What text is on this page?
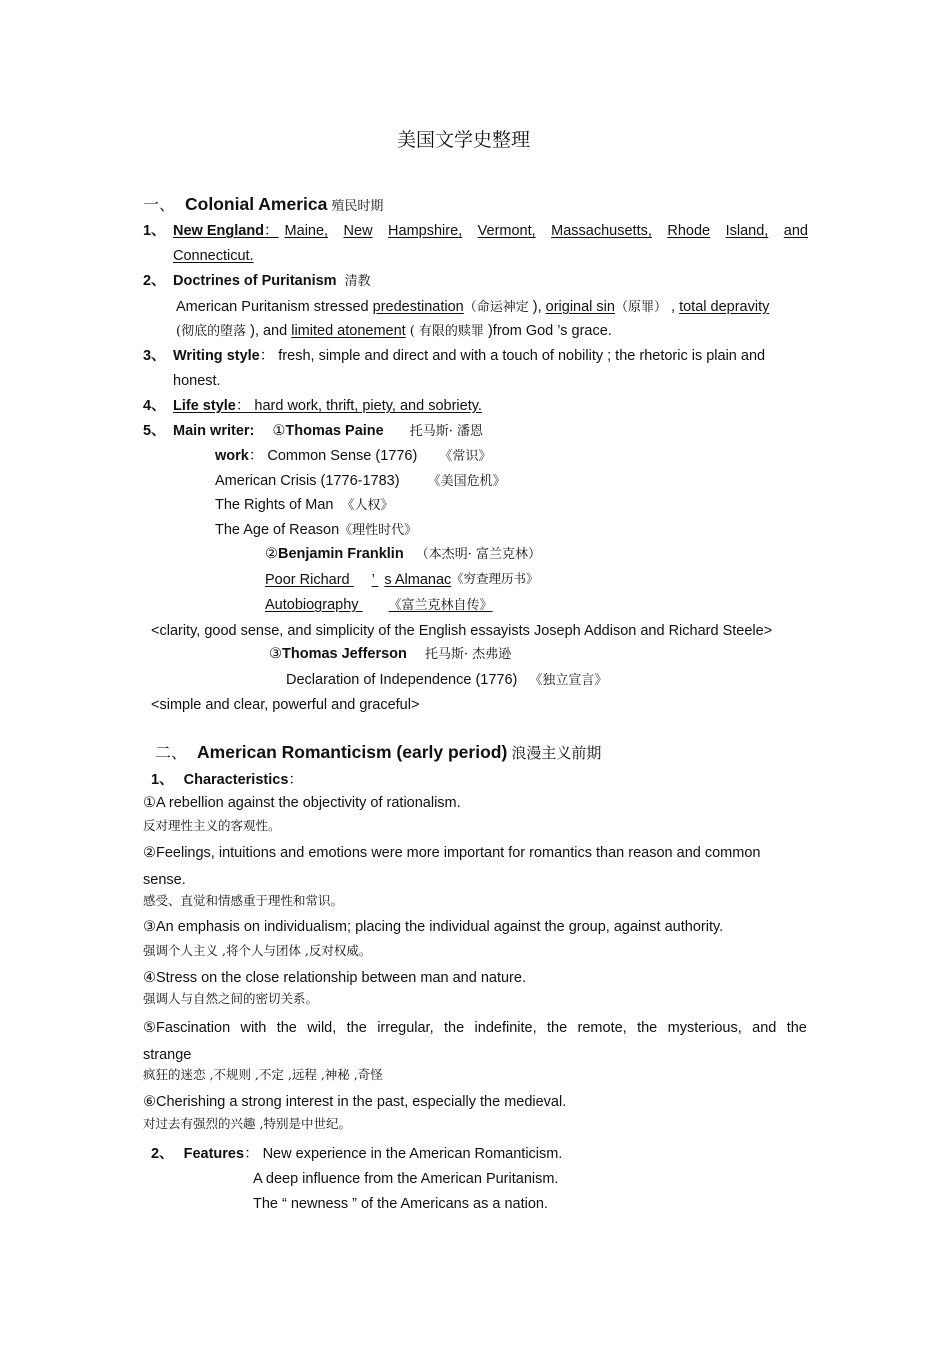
美国文学史整理
一、 Colonial America 殖民时期
1、 New England ： Maine, New Hampshire, Vermont, Massachusetts, Rhode Island, and
Connecticut.
2、 Doctrines of Puritanism 清教
American Puritanism stressed predestination（命运神定 ), original sin（原罪） , total depravity
(彻底的堕落 ), and limited atonement ( 有限的赎罪 )from God ’s grace.
3、 Writing style： fresh, simple and direct and with a touch of nobility ; the rhetoric is plain and
honest.
4、 Life style： hard work, thrift, piety, and sobriety.
5、 Main writer: ①Thomas Paine 托马斯· 潘恩
work： Common Sense (1776) 《常识》
American Crisis (1776-1783) 《美国危机》
The Rights of Man 《人权》
The Age of Reason《理性时代》
②Benjamin Franklin （本杰明· 富兰克林）
Poor Richard ’ s Almanac 《穷查理历书》
Autobiography 《富兰克林自传》
<clarity, good sense, and simplicity of the English essayists Joseph Addison and Richard Steele>
③Thomas Jefferson 托马斯· 杰弗逊
Declaration of Independence (1776) 《独立宣言》
<simple and clear, powerful and graceful>
二、 American Romanticism (early period) 浪漫主义前期
1、 Characteristics：
①A rebellion against the objectivity of rationalism.
反对理性主义的客观性。
②Feelings, intuitions and emotions were more important for romantics than reason and common
sense.
感受、直觉和情感重于理性和常识。
③An emphasis on individualism; placing the individual against the group, against authority.
强调个人主义 ,将个人与团体 ,反对权威。
④Stress on the close relationship between man and nature.
强调人与自然之间的密切关系。
⑤Fascination with the wild, the irregular, the indefinite, the remote, the mysterious, and the
strange
疯狂的迷恋 ,不规则 ,不定 ,远程 ,神秘 ,奇怪
⑥Cherishing a strong interest in the past, especially the medieval.
对过去有强烈的兴趣 ,特别是中世纪。
2、 Features： New experience in the American Romanticism.
A deep influence from the American Puritanism.
The “ newness ” of the Americans as a nation.
